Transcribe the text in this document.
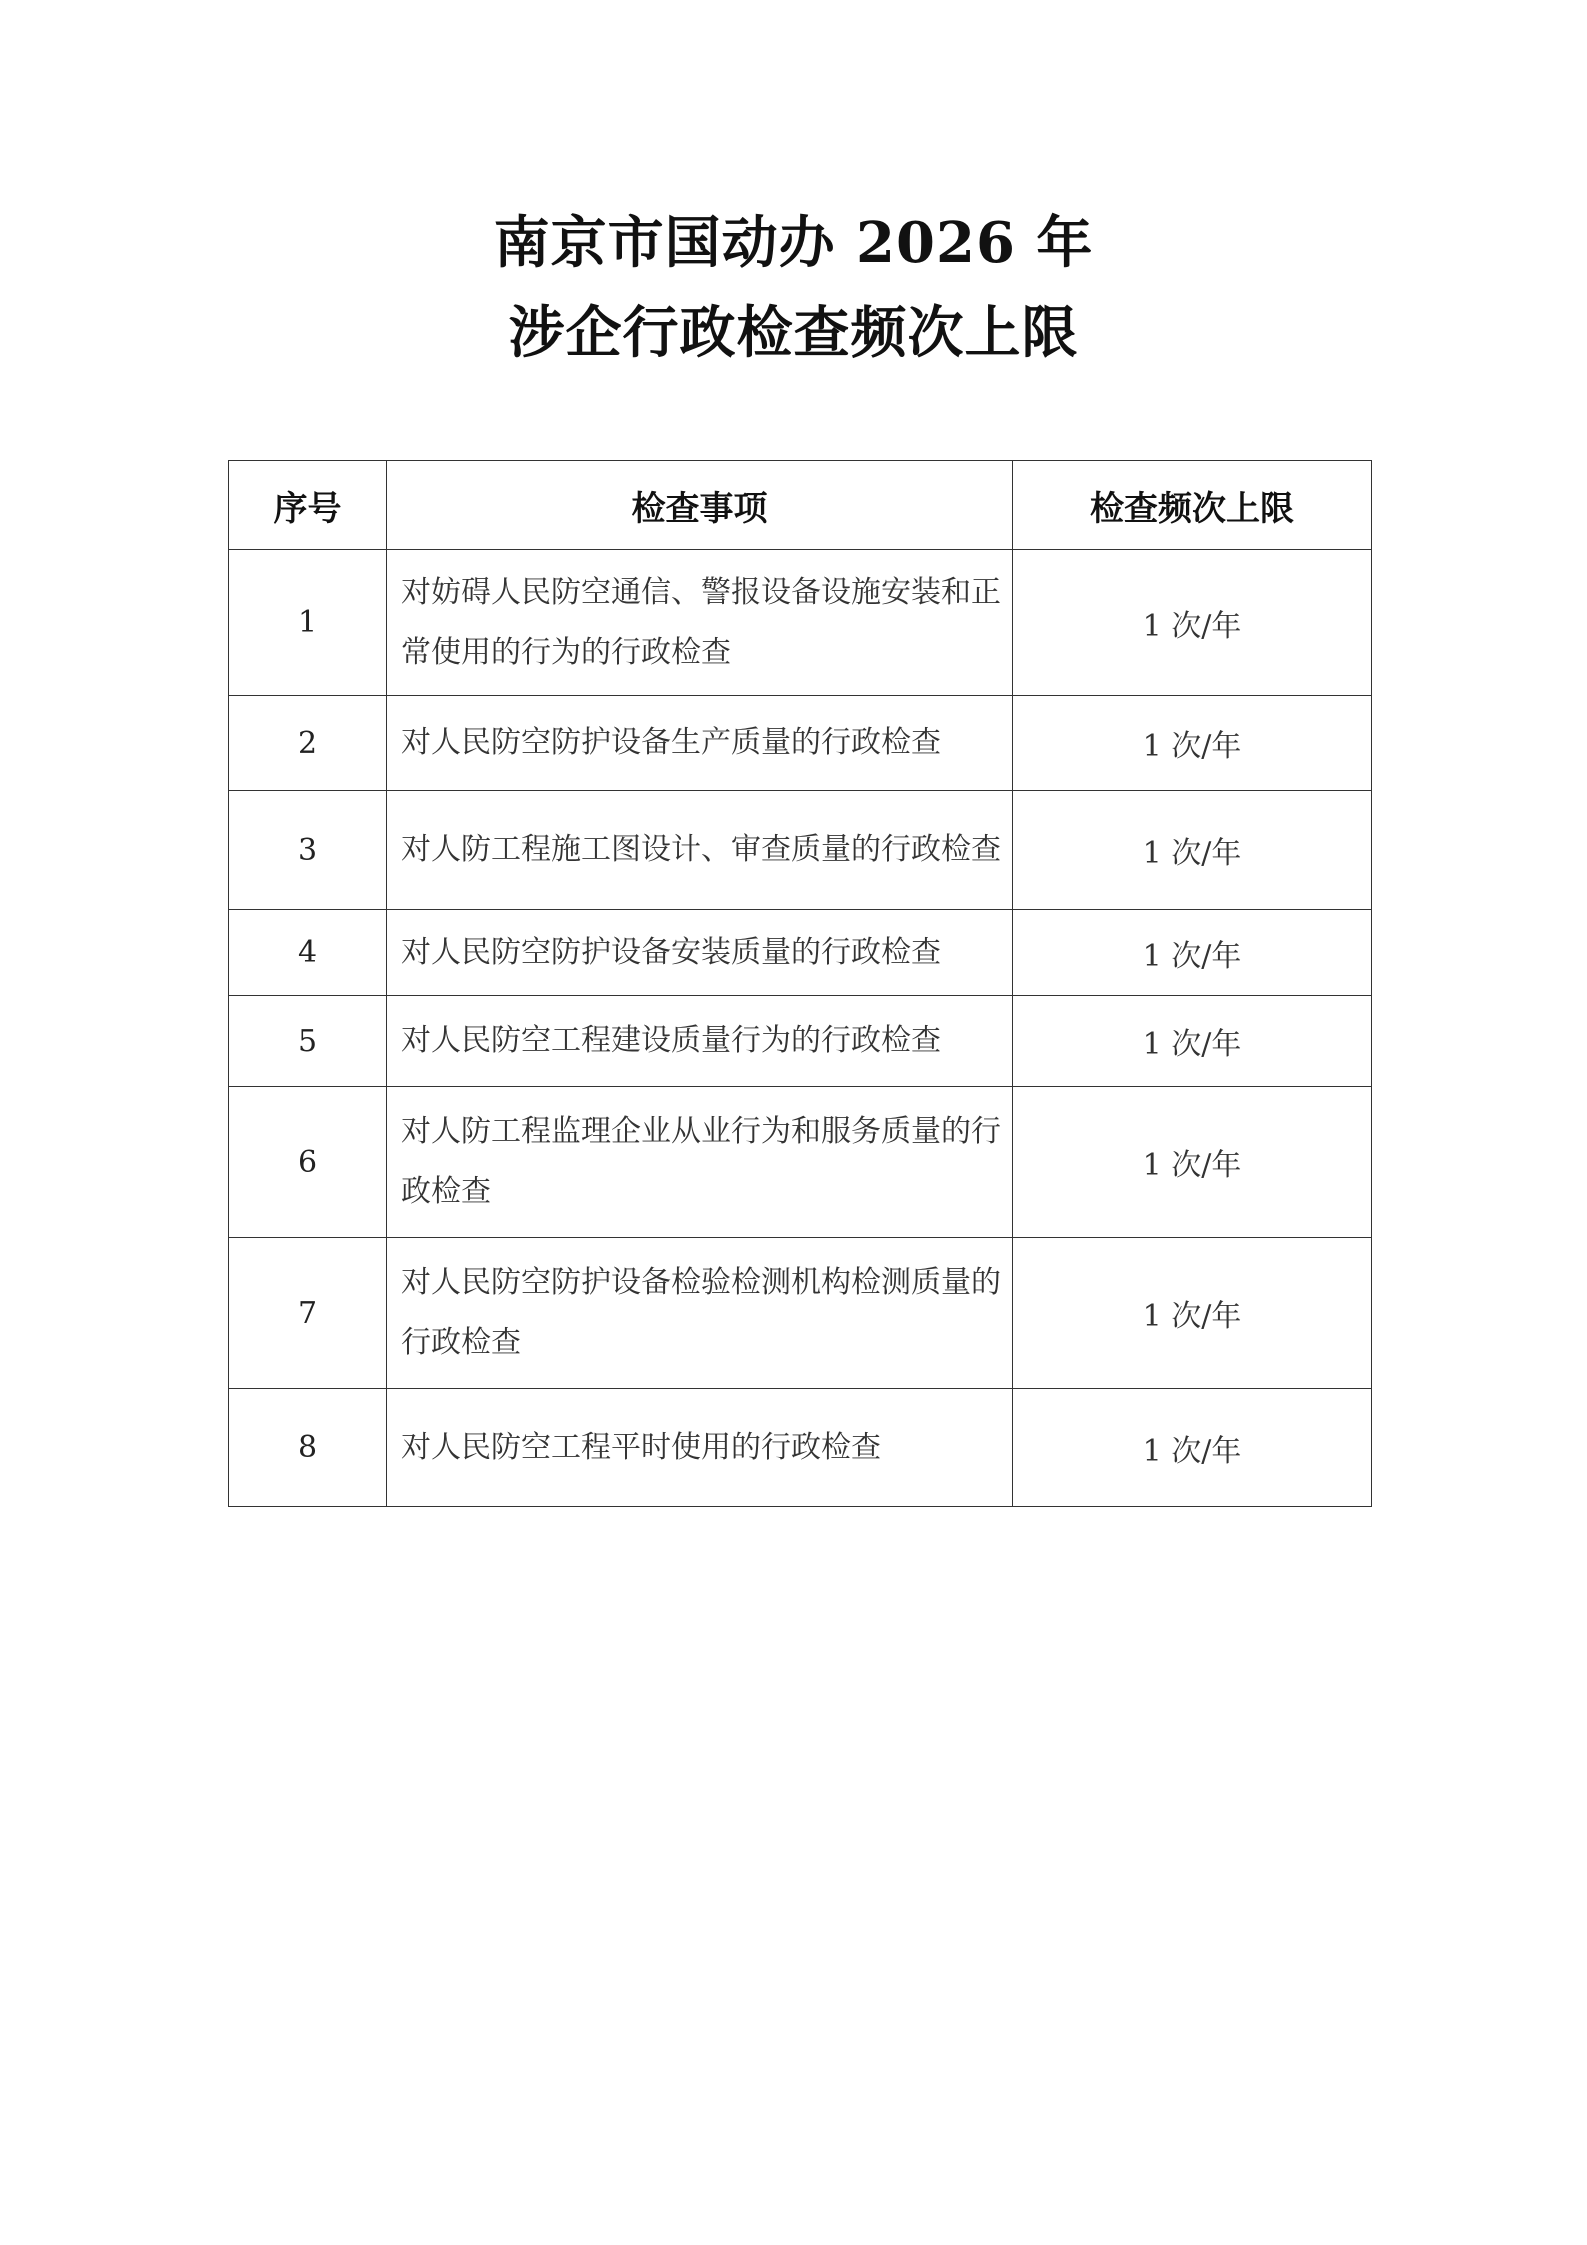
南京市国动办 2026 年
涉企行政检查频次上限
序号	检查事项	检查频次上限
1	对妨碍人民防空通信、警报设备设施安装和正常使用的行为的行政检查	1 次/年
2	对人民防空防护设备生产质量的行政检查	1 次/年
3	对人防工程施工图设计、审查质量的行政检查	1 次/年
4	对人民防空防护设备安装质量的行政检查	1 次/年
5	对人民防空工程建设质量行为的行政检查	1 次/年
6	对人防工程监理企业从业行为和服务质量的行政检查	1 次/年
7	对人民防空防护设备检验检测机构检测质量的行政检查	1 次/年
8	对人民防空工程平时使用的行政检查	1 次/年
